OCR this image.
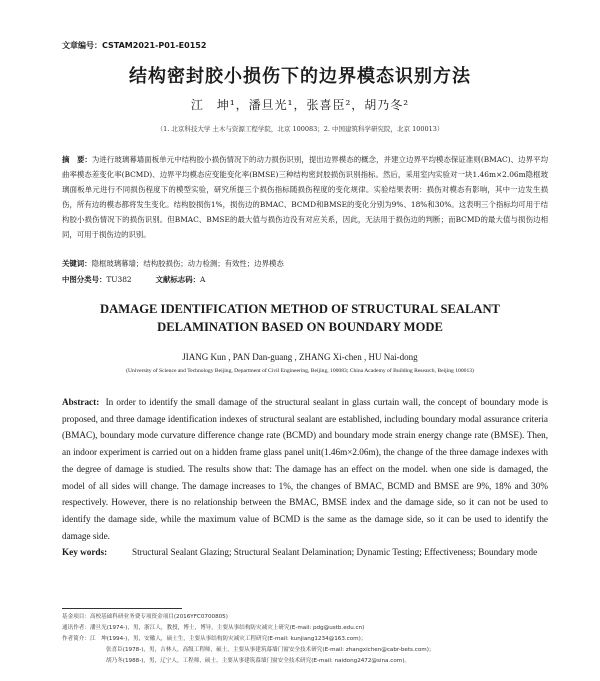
文章编号：CSTAM2021-P01-E0152
结构密封胶小损伤下的边界模态识别方法
江　坤¹，潘旦光¹，张喜臣²，胡乃冬²
（1. 北京科技大学 土木与资源工程学院，北京 100083；2. 中国建筑科学研究院，北京 100013）
摘　要：为进行玻璃幕墙面板单元中结构胶小损伤情况下的动力损伤识别，提出边界模态的概念，并建立边界平均模态保证准则(BMAC)、边界平均曲率模态差变化率(BCMD)、边界平均模态应变能变化率(BMSE)三种结构密封胶损伤识别指标。然后，采用室内实验对一块1.46m×2.06m隐框玻璃面板单元进行不同损伤程度下的模型实验，研究所提三个损伤指标随损伤程度的变化规律。实验结果表明：损伤对模态有影响，其中一边发生损伤，所有边的模态都将发生变化。结构胶损伤1%，损伤边的BMAC、BCMD和BMSE的变化分别为9%、18%和30%。这表明三个指标均可用于结构胶小损伤情况下的损伤识别。但BMAC、BMSE的最大值与损伤边没有对应关系，因此，无法用于损伤边的判断；而BCMD的最大值与损伤边相同，可用于损伤边的识别。
关键词：隐框玻璃幕墙；结构胶损伤；动力检测；有效性；边界模态
中图分类号：TU382	文献标志码：A
DAMAGE IDENTIFICATION METHOD OF STRUCTURAL SEALANT
DELAMINATION BASED ON BOUNDARY MODE
JIANG Kun , PAN Dan-guang , ZHANG Xi-chen , HU Nai-dong
(University of Science and Technology Beijing, Department of Civil Engineering, Beijing, 100083; China Academy of Building Research, Beijing 100013)
Abstract: In order to identify the small damage of the structural sealant in glass curtain wall, the concept of boundary mode is proposed, and three damage identification indexes of structural sealant are established, including boundary modal assurance criteria (BMAC), boundary mode curvature difference change rate (BCMD) and boundary mode strain energy change rate (BMSE). Then, an indoor experiment is carried out on a hidden frame glass panel unit(1.46m×2.06m), the change of the three damage indexes with the degree of damage is studied. The results show that: The damage has an effect on the model. when one side is damaged, the model of all sides will change. The damage increases to 1%, the changes of BMAC, BCMD and BMSE are 9%, 18% and 30% respectively. However, there is no relationship between the BMAC, BMSE index and the damage side, so it can not be used to identify the damage side, while the maximum value of BCMD is the same as the damage side, so it can be used to identify the damage side.
Key words:	Structural Sealant Glazing; Structural Sealant Delamination; Dynamic Testing; Effectiveness; Boundary mode
基金项目：高校基础科研业务费专项资金项目(2016YFC0700805)
通讯作者：潘旦光(1974-)，男，浙江人，教授，博士，博导，主要从事结构防灾减灾上研究(E-mail: pdg@ustb.edu.cn)
作者简介：江　坤(1994-)，男，安徽人，硕士生，主要从事结构防灾减灾工程研究(E-mail: kunjiang1234@163.com)；
张喜臣(1978-)，男，吉林人，高级工程师，硕士，主要从事建筑幕墙门窗安全技术研究(E-mail: zhangxichen@cabr-bets.com)；
胡乃冬(1988-)，男，辽宁人，工程师，硕士，主要从事建筑幕墙门窗安全技术研究(E-mail: naidong2472@sina.com)。
